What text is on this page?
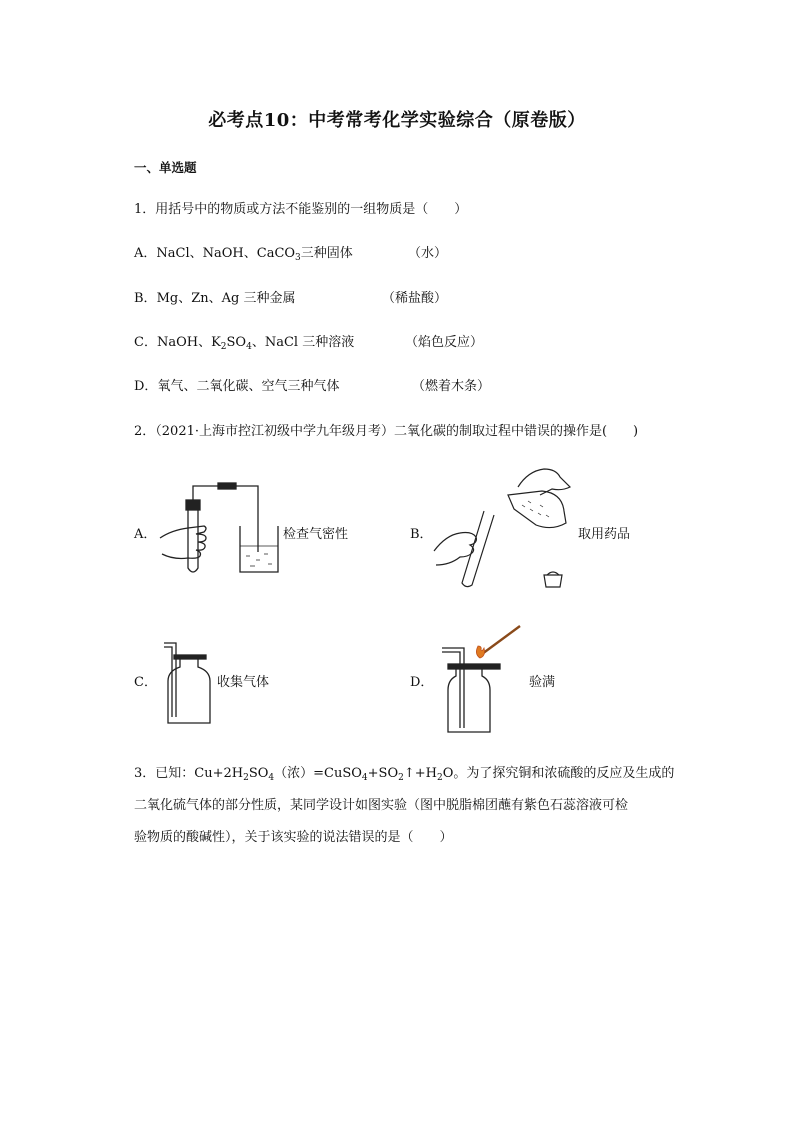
必考点10：中考常考化学实验综合（原卷版）
一、单选题
1．用括号中的物质或方法不能鉴别的一组物质是（　　）
A．NaCl、NaOH、CaCO$_3$三种固体	（水）
B．Mg、Zn、Ag 三种金属	（稀盐酸）
C．NaOH、$K_2SO_4$、NaCl 三种溶液	（焰色反应）
D．氧气、二氧化碳、空气三种气体	（燃着木条）
2．（2021·上海市控江初级中学九年级月考）二氧化碳的制取过程中错误的操作是(　　)
A．	检查气密性	B．	取用药品
C．	收集气体	D．	验满
3．已知：$Cu+2H_2SO_4$（浓）$=CuSO_4+SO_2↑+H_2O$。为了探究铜和浓硫酸的反应及生成的
二氧化硫气体的部分性质，某同学设计如图实验（图中脱脂棉团蘸有紫色石蕊溶液可检
验物质的酸碱性），关于该实验的说法错误的是（　　）
